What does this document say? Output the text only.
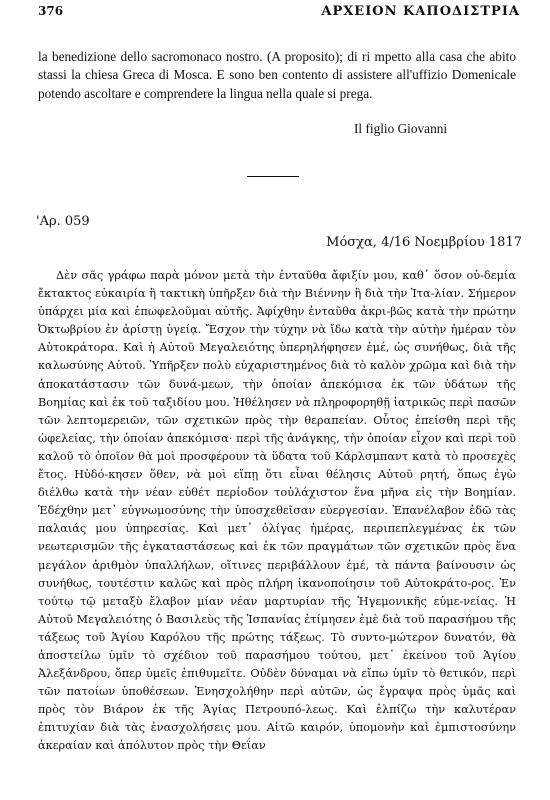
376	ΑΡΧΕΙΟΝ ΚΑΠΟΔΙΣΤΡΙΑ

la benedizione dello sacromonaco nostro. (A proposito); di ri mpetto alla casa che abito stassi la chiesa Greca di Mosca. E sono ben contento di assistere all'uffizio Domenicale potendo ascoltare e comprendere la lingua nella quale si prega.

Il figlio Giovanni
'Αρ. 059
Μόσχα, 4/16 Νοεμβρίου 1817

Δὲν σᾶς γράφω παρὰ μόνον μετὰ τὴν ἐνταῦθα ἄφιξίν μου, καθ᾽ ὅσον οὐ-δεμία ἔκτακτος εὐκαιρία ἢ τακτικὴ ὑπῆρξεν διὰ τὴν Βιέννην ἢ διὰ τὴν Ἰτα-λίαν. Σήμερον ὑπάρχει μία καὶ ἐπωφελοῦμαι αὐτῆς. Ἀφίχθην ἐνταῦθα ἀκρι-βῶς κατὰ τὴν πρώτην Ὀκτωβρίου ἐν ἀρίστῃ ὑγείᾳ. Ἔσχον τὴν τύχην νὰ ἴδω κατὰ τὴν αὐτὴν ἡμέραν τὸν Αὐτοκράτορα. Καὶ ἡ Αὐτοῦ Μεγαλειότης ὑπερηλήφησεν ἐμέ, ὡς συνήθως, διὰ τῆς καλωσύνης Αὐτοῦ. Ὑπῆρξεν πολὺ εὐχαριστημένος διὰ τὸ καλὸν χρῶμα καὶ διὰ τὴν ἀποκατάστασιν τῶν δυνά-μεων, τὴν ὁποίαν ἀπεκόμισα ἐκ τῶν ὑδάτων τῆς Βοημίας καὶ ἐκ τοῦ ταξιδίου μου. Ἠθέλησεν νὰ πληροφορηθῇ ἰατρικῶς περὶ πασῶν τῶν λεπτομερειῶν, τῶν σχετικῶν πρὸς τὴν θεραπείαν. Οὗτος ἐπείσθη περὶ τῆς ὠφελείας, τὴν ὁποίαν ἀπεκόμισα· περὶ τῆς ἀνάγκης, τὴν ὁποίαν εἶχον καὶ περὶ τοῦ καλοῦ τὸ ὁποῖον θὰ μοὶ προσφέρουν τὰ ὕδατα τοῦ Κάρλσμπαντ κατὰ τὸ προσεχὲς ἔτος. Ηὐδό-κησεν ὅθεν, νὰ μοὶ εἴπῃ ὅτι εἶναι θέλησις Αὐτοῦ ρητή, ὅπως ἐγὼ διέλθω κατὰ τὴν νέαν εὐθέτ περίοδον τοὐλάχιστον ἕνα μῆνα εἰς τὴν Βοημίαν. Ἐδέχθην μετ᾽ εὐγνωμοσύνης τὴν ὑποσχεθεῖσαν εὐεργεσίαν. Ἐπανέλαβον ἐδῶ τὰς παλαιάς μου ὑπηρεσίας. Καὶ μετ᾽ ὀλίγας ἡμέρας, περιπεπλεγμένας ἐκ τῶν νεωτερισμῶν τῆς ἐγκαταστάσεως καὶ ἐκ τῶν πραγμάτων τῶν σχετικῶν πρὸς ἕνα μεγάλον ἀριθμὸν ὑπαλλήλων, οἵτινες περιβάλλουν ἐμέ, τὰ πάντα βαίνουσιν ὡς συνήθως, τουτέστιν καλῶς καὶ πρὸς πλήρη ἱκανοποίησιν τοῦ Αὐτοκράτο-ρος. Ἐν τούτῳ τῷ μεταξὺ ἔλαβον μίαν νέαν μαρτυρίαν τῆς Ἡγεμονικῆς εὐμε-νείας. Ἡ Αὐτοῦ Μεγαλειότης ὁ Βασιλεὺς τῆς Ἱσπανίας ἐτίμησεν ἐμὲ διὰ τοῦ παρασήμου τῆς τάξεως τοῦ Ἁγίου Καρόλου τῆς πρώτης τάξεως. Τὸ συντο-μώτερον δυνατόν, θὰ ἀποστείλω ὑμῖν τὸ σχέδιον τοῦ παρασήμου τούτου, μετ᾽ ἐκείνου τοῦ Ἁγίου Ἀλεξάνδρου, ὅπερ ὑμεῖς ἐπιθυμεῖτε. Οὐδὲν δύναμαι νὰ εἴπω ὑμῖν τὸ θετικόν, περὶ τῶν πατοίων ὑποθέσεων. Ἐνησχολήθην περὶ αὐτῶν, ὡς ἔγραψα πρὸς ὑμᾶς καὶ πρὸς τὸν Βιάρον ἐκ τῆς Ἁγίας Πετρουπό-λεως. Καὶ ἐλπίζω τὴν καλυτέραν ἐπιτυχίαν διὰ τὰς ἐνασχολήσεις μου. Αἰτῶ καιρόν, ὑπομονὴν καὶ ἐμπιστοσύνην ἀκεραίαν καὶ ἀπόλυτον πρὸς τὴν Θεΐαν
